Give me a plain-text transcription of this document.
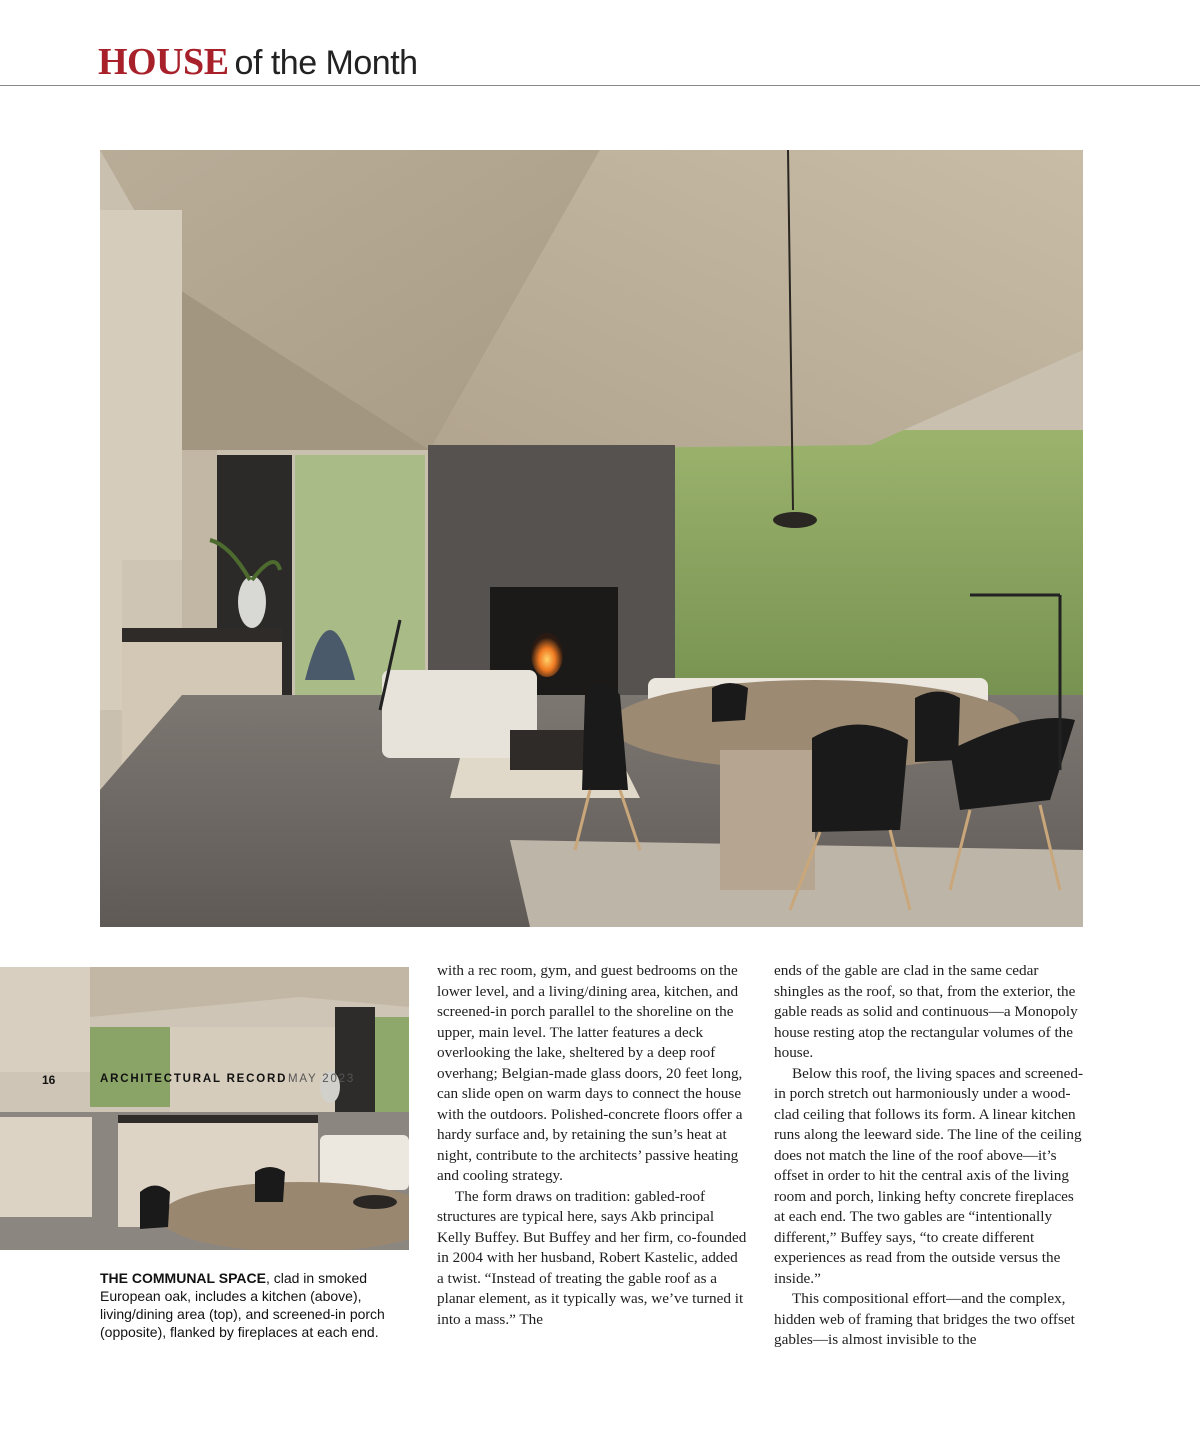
HOUSE of the Month
THE COMMUNAL SPACE, clad in smoked European oak, includes a kitchen (above), living/dining area (top), and screened-in porch (opposite), flanked by fireplaces at each end.

with a rec room, gym, and guest bedrooms on the lower level, and a living/dining area, kitchen, and screened-in porch parallel to the shoreline on the upper, main level. The latter features a deck overlooking the lake, sheltered by a deep roof overhang; Belgian-made glass doors, 20 feet long, can slide open on warm days to connect the house with the outdoors. Polished-concrete floors offer a hardy surface and, by retaining the sun’s heat at night, contribute to the architects’ passive heating and cooling strategy.

The form draws on tradition: gabled-roof structures are typical here, says Akb principal Kelly Buffey. But Buffey and her firm, co-founded in 2004 with her husband, Robert Kastelic, added a twist. “Instead of treating the gable roof as a planar element, as it typically was, we’ve turned it into a mass.” The

ends of the gable are clad in the same cedar shingles as the roof, so that, from the exterior, the gable reads as solid and continuous—a Monopoly house resting atop the rectangular volumes of the house.

Below this roof, the living spaces and screened-in porch stretch out harmoniously under a wood-clad ceiling that follows its form. A linear kitchen runs along the leeward side. The line of the ceiling does not match the line of the roof above—it’s offset in order to hit the central axis of the living room and porch, linking hefty concrete fireplaces at each end. The two gables are “intentionally different,” Buffey says, “to create different experiences as read from the outside versus the inside.”

This compositional effort—and the complex, hidden web of framing that bridges the two offset gables—is almost invisible to the

16	ARCHITECTURAL RECORD MAY 2023
